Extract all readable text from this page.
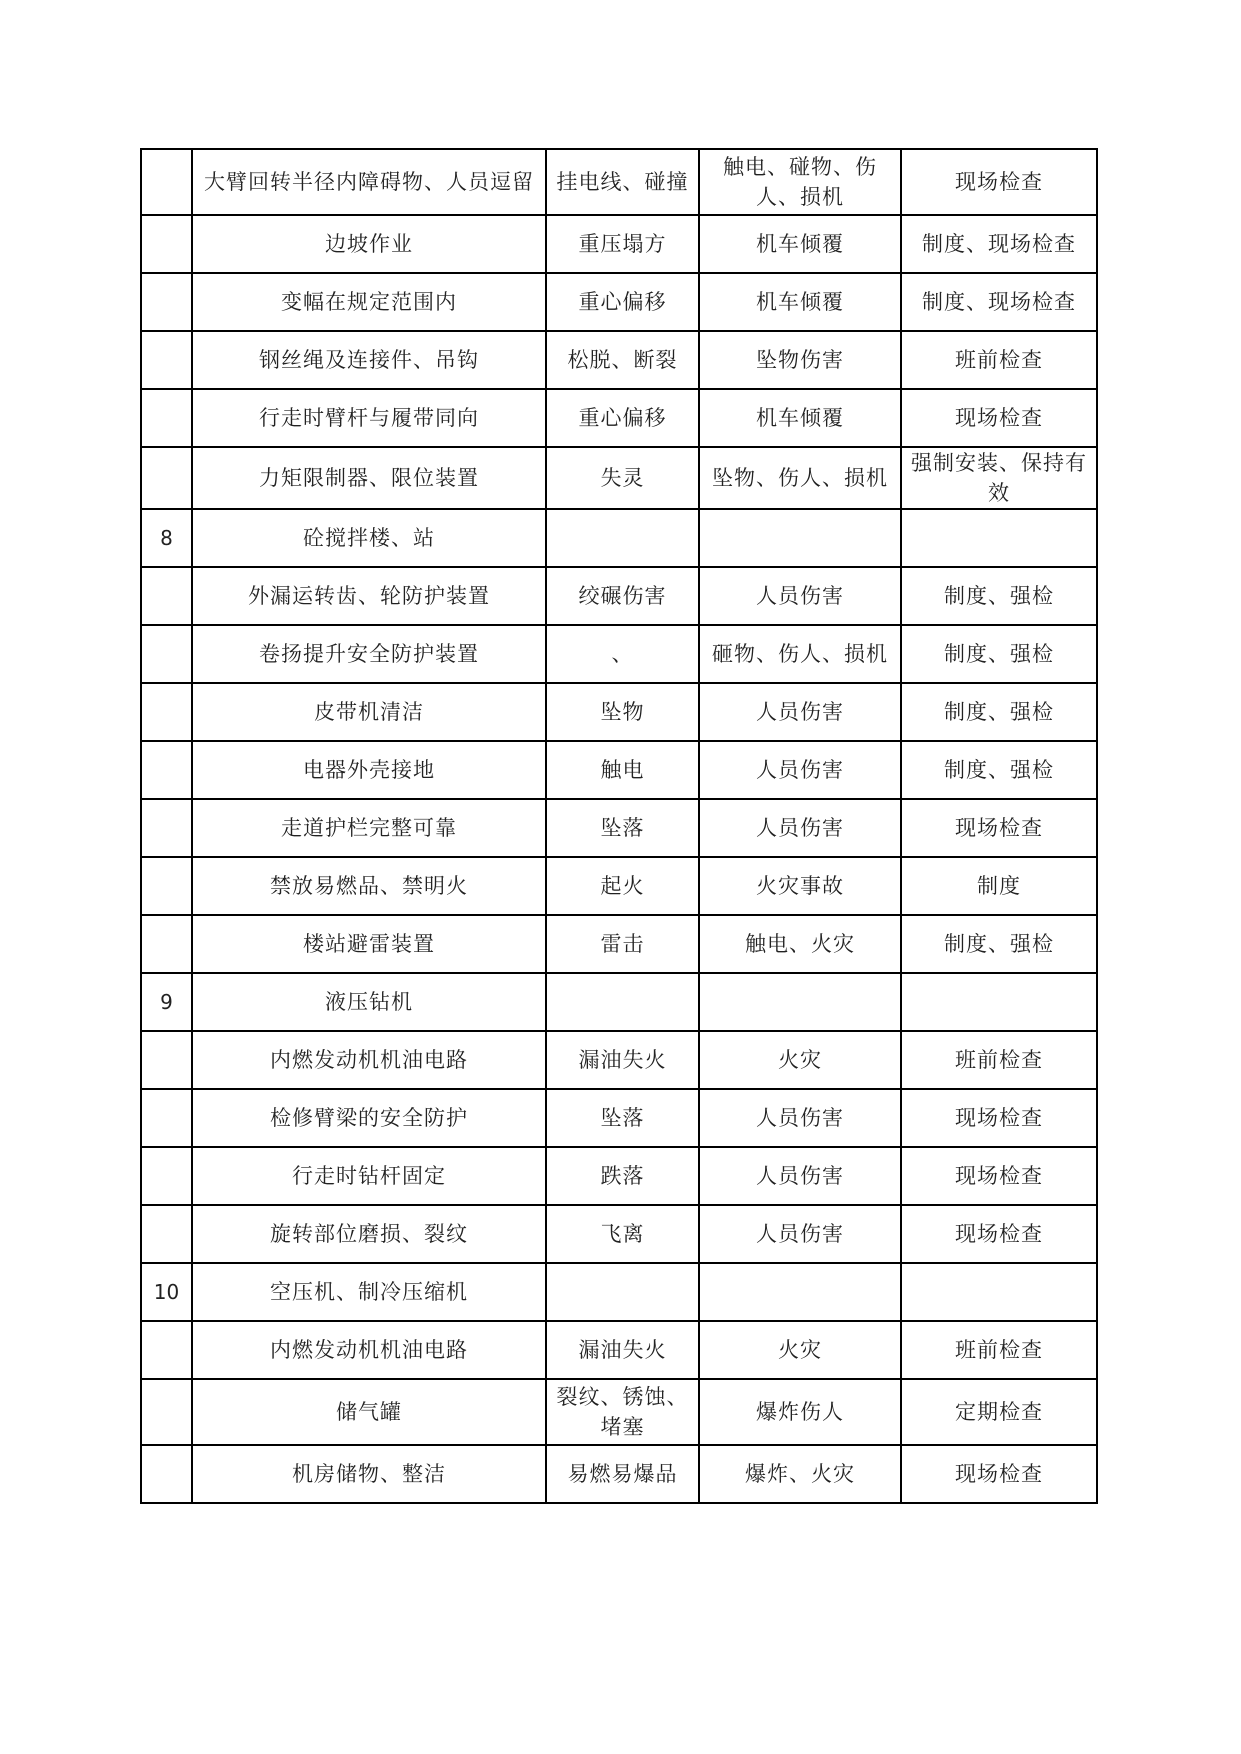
	大臂回转半径内障碍物、人员逗留	挂电线、碰撞	触电、碰物、伤人、损机	现场检查
	边坡作业	重压塌方	机车倾覆	制度、现场检查
	变幅在规定范围内	重心偏移	机车倾覆	制度、现场检查
	钢丝绳及连接件、吊钩	松脱、断裂	坠物伤害	班前检查
	行走时臂杆与履带同向	重心偏移	机车倾覆	现场检查
	力矩限制器、限位装置	失灵	坠物、伤人、损机	强制安装、保持有效
8	砼搅拌楼、站			
	外漏运转齿、轮防护装置	绞碾伤害	人员伤害	制度、强检
	卷扬提升安全防护装置	、	砸物、伤人、损机	制度、强检
	皮带机清洁	坠物	人员伤害	制度、强检
	电器外壳接地	触电	人员伤害	制度、强检
	走道护栏完整可靠	坠落	人员伤害	现场检查
	禁放易燃品、禁明火	起火	火灾事故	制度
	楼站避雷装置	雷击	触电、火灾	制度、强检
9	液压钻机			
	内燃发动机机油电路	漏油失火	火灾	班前检查
	检修臂梁的安全防护	坠落	人员伤害	现场检查
	行走时钻杆固定	跌落	人员伤害	现场检查
	旋转部位磨损、裂纹	飞离	人员伤害	现场检查
10	空压机、制冷压缩机			
	内燃发动机机油电路	漏油失火	火灾	班前检查
	储气罐	裂纹、锈蚀、堵塞	爆炸伤人	定期检查
	机房储物、整洁	易燃易爆品	爆炸、火灾	现场检查
